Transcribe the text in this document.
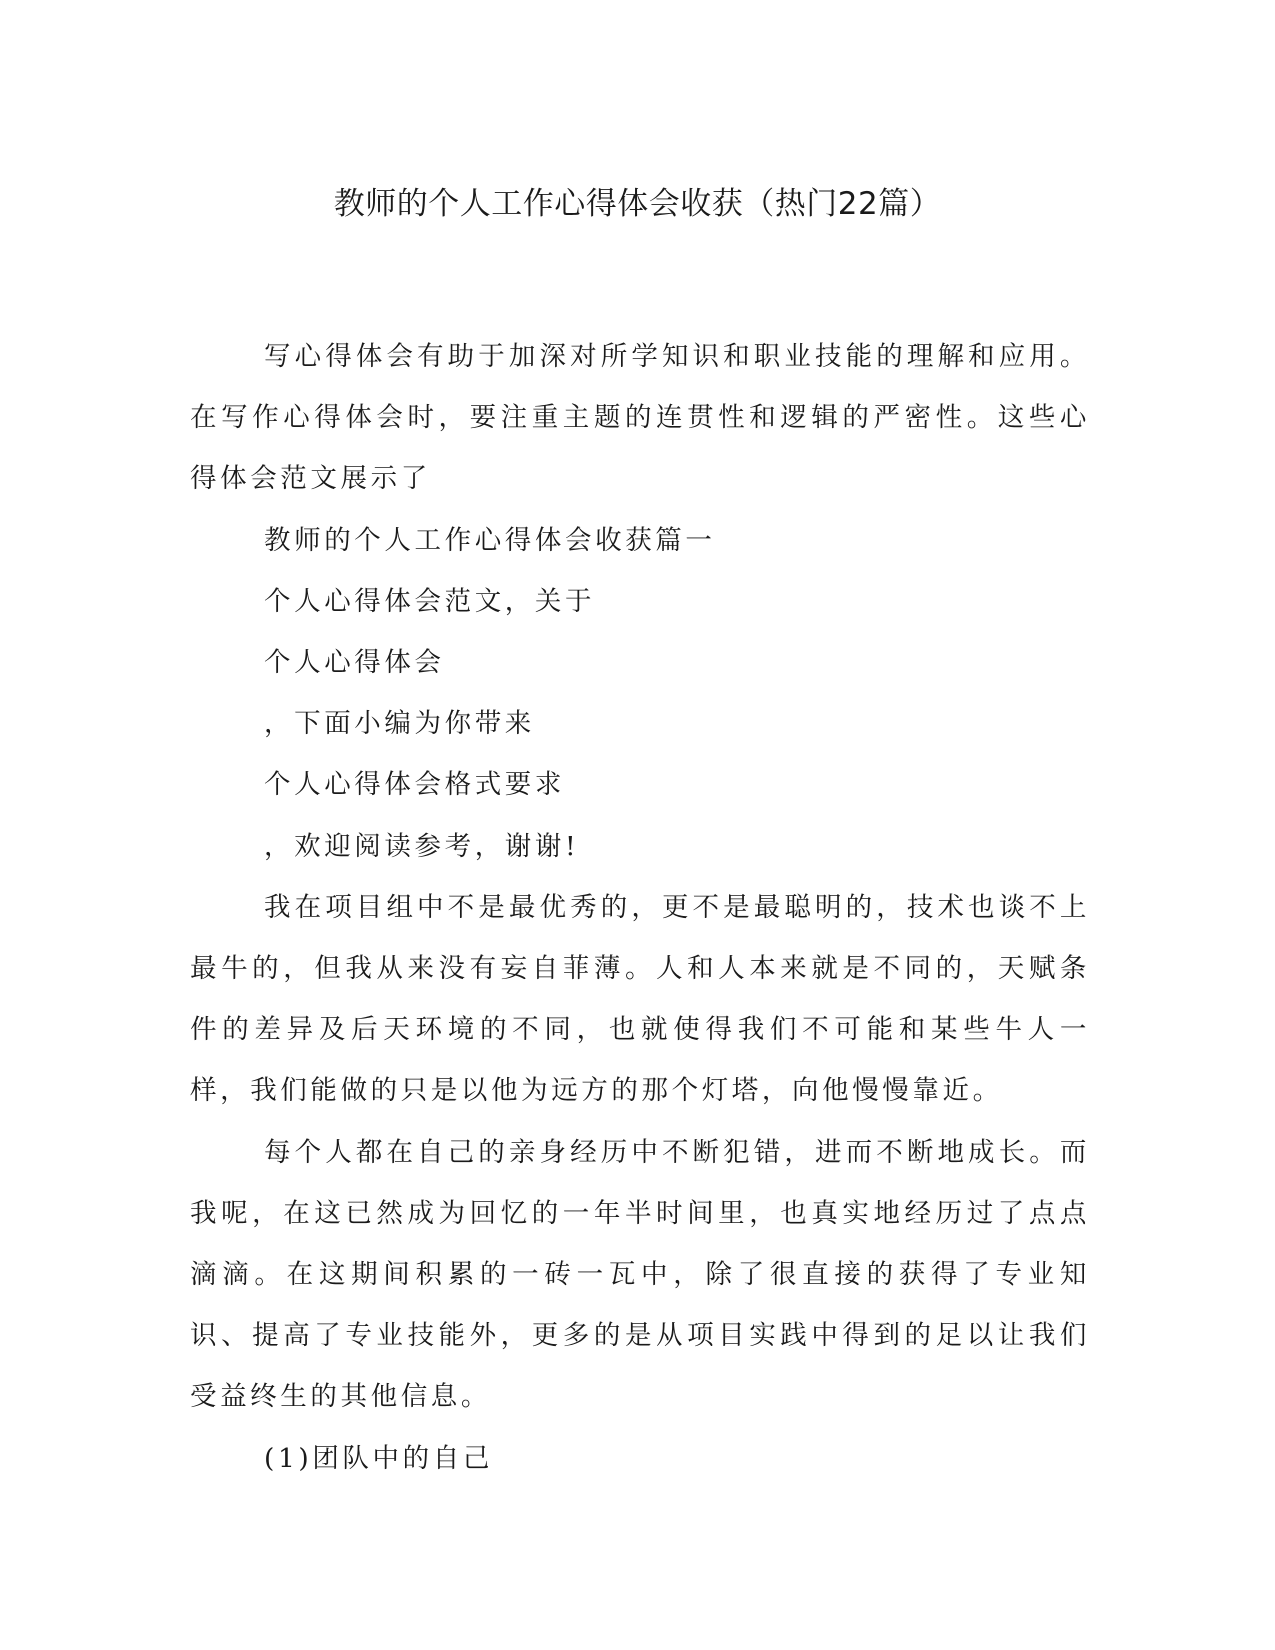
教师的个人工作心得体会收获（热门22篇）

写心得体会有助于加深对所学知识和职业技能的理解和应用。在写作心得体会时，要注重主题的连贯性和逻辑的严密性。这些心得体会范文展示了

教师的个人工作心得体会收获篇一

个人心得体会范文，关于

个人心得体会

，下面小编为你带来

个人心得体会格式要求

，欢迎阅读参考，谢谢!

我在项目组中不是最优秀的，更不是最聪明的，技术也谈不上最牛的，但我从来没有妄自菲薄。人和人本来就是不同的，天赋条件的差异及后天环境的不同，也就使得我们不可能和某些牛人一样，我们能做的只是以他为远方的那个灯塔，向他慢慢靠近。

每个人都在自己的亲身经历中不断犯错，进而不断地成长。而我呢，在这已然成为回忆的一年半时间里，也真实地经历过了点点滴滴。在这期间积累的一砖一瓦中，除了很直接的获得了专业知识、提高了专业技能外，更多的是从项目实践中得到的足以让我们受益终生的其他信息。

(1)团队中的自己
